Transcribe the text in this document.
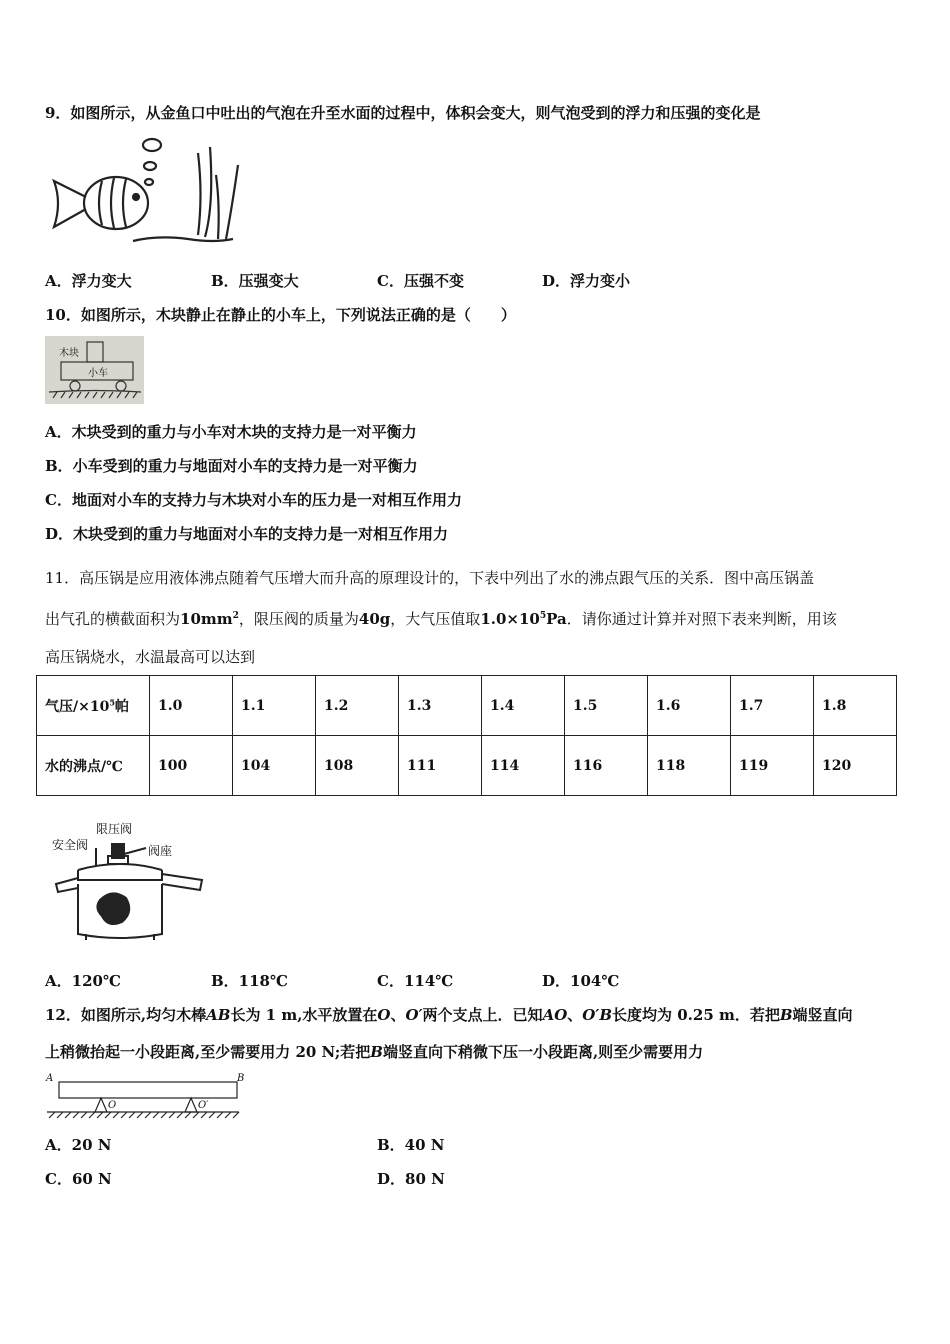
9．如图所示，从金鱼口中吐出的气泡在升至水面的过程中，体积会变大，则气泡受到的浮力和压强的变化是
A．浮力变大	B．压强变大	C．压强不变	D．浮力变小
10．如图所示，木块静止在静止的小车上，下列说法正确的是（　　）
木块
小车
A．木块受到的重力与小车对木块的支持力是一对平衡力
B．小车受到的重力与地面对小车的支持力是一对平衡力
C．地面对小车的支持力与木块对小车的压力是一对相互作用力
D．木块受到的重力与地面对小车的支持力是一对相互作用力
11．高压锅是应用液体沸点随着气压增大而升高的原理设计的，下表中列出了水的沸点跟气压的关系．图中高压锅盖
出气孔的横截面积为$10mm^2$，限压阀的质量为40g，大气压值取$1.0\times 10^5Pa$．请你通过计算并对照下表来判断，用该
高压锅烧水，水温最高可以达到
气压$/\times 10^5$帕	1.0	1.1	1.2	1.3	1.4	1.5	1.6	1.7	1.8
水的沸点/℃	100	104	108	111	114	116	118	119	120
限压阀
安全阀	阀座
A．120℃	B．118℃	C．114℃	D．104℃
12．如图所示,均匀木棒AB长为 1 m,水平放置在O、O′两个支点上．已知AO、O′B长度均为 0.25 m．若把B端竖直向
上稍微抬起一小段距离,至少需要用力 20 N;若把B端竖直向下稍微下压一小段距离,则至少需要用力
A	B
O	O′
A．20 N	B．40 N
C．60 N	D．80 N
